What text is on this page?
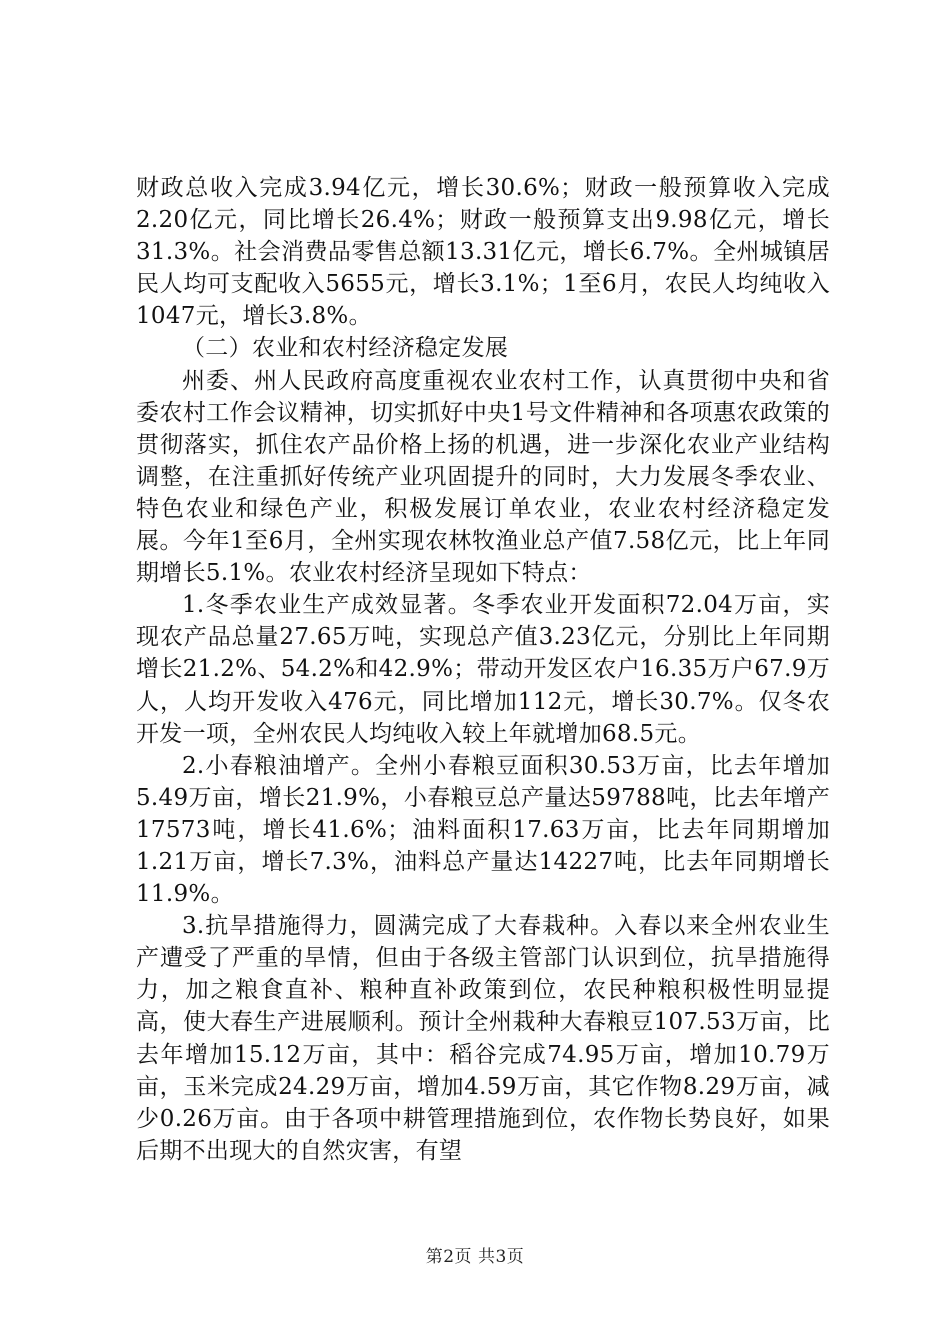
财政总收入完成3.94亿元，增长30.6%；财政一般预算收入完成2.20亿元，同比增长26.4%；财政一般预算支出9.98亿元，增长31.3%。社会消费品零售总额13.31亿元，增长6.7%。全州城镇居民人均可支配收入5655元，增长3.1%；1至6月，农民人均纯收入1047元，增长3.8%。

（二）农业和农村经济稳定发展

州委、州人民政府高度重视农业农村工作，认真贯彻中央和省委农村工作会议精神，切实抓好中央1号文件精神和各项惠农政策的贯彻落实，抓住农产品价格上扬的机遇，进一步深化农业产业结构调整，在注重抓好传统产业巩固提升的同时，大力发展冬季农业、特色农业和绿色产业，积极发展订单农业，农业农村经济稳定发展。今年1至6月，全州实现农林牧渔业总产值7.58亿元，比上年同期增长5.1%。农业农村经济呈现如下特点：

1.冬季农业生产成效显著。冬季农业开发面积72.04万亩，实现农产品总量27.65万吨，实现总产值3.23亿元，分别比上年同期增长21.2%、54.2%和42.9%；带动开发区农户16.35万户67.9万人，人均开发收入476元，同比增加112元，增长30.7%。仅冬农开发一项，全州农民人均纯收入较上年就增加68.5元。

2.小春粮油增产。全州小春粮豆面积30.53万亩，比去年增加5.49万亩，增长21.9%，小春粮豆总产量达59788吨，比去年增产17573吨，增长41.6%；油料面积17.63万亩，比去年同期增加1.21万亩，增长7.3%，油料总产量达14227吨，比去年同期增长11.9%。

3.抗旱措施得力，圆满完成了大春栽种。入春以来全州农业生产遭受了严重的旱情，但由于各级主管部门认识到位，抗旱措施得力，加之粮食直补、粮种直补政策到位，农民种粮积极性明显提高，使大春生产进展顺利。预计全州栽种大春粮豆107.53万亩，比去年增加15.12万亩，其中：稻谷完成74.95万亩，增加10.79万亩，玉米完成24.29万亩，增加4.59万亩，其它作物8.29万亩，减少0.26万亩。由于各项中耕管理措施到位，农作物长势良好，如果后期不出现大的自然灾害，有望

第2页 共3页
